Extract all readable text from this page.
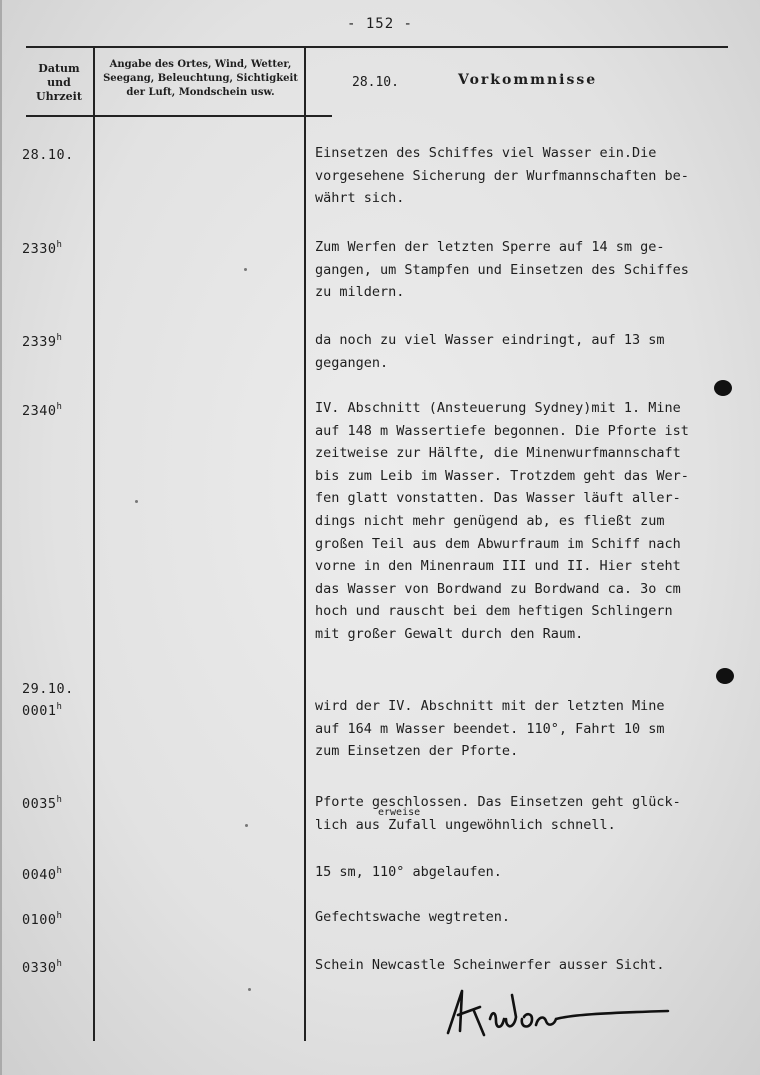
- 152 -
Datum und Uhrzeit
Angabe des Ortes, Wind, Wetter, Seegang, Beleuchtung, Sichtigkeit der Luft, Mondschein usw.
28.10.	Vorkommnisse
28.10.	Einsetzen des Schiffes viel Wasser ein.Die
vorgesehene Sicherung der Wurfmannschaften be-
währt sich.
2330$^h$	Zum Werfen der letzten Sperre auf 14 sm ge-
gangen, um Stampfen und Einsetzen des Schiffes
zu mildern.
2339$^h$	da noch zu viel Wasser eindringt, auf 13 sm
gegangen.
2340$^h$	IV. Abschnitt (Ansteuerung Sydney)mit 1. Mine
auf 148 m Wassertiefe begonnen. Die Pforte ist
zeitweise zur Hälfte, die Minenwurfmannschaft
bis zum Leib im Wasser. Trotzdem geht das Wer-
fen glatt vonstatten. Das Wasser läuft aller-
dings nicht mehr genügend ab, es fließt zum
großen Teil aus dem Abwurfraum im Schiff nach
vorne in den Minenraum III und II. Hier steht
das Wasser von Bordwand zu Bordwand ca. 3o cm
hoch und rauscht bei dem heftigen Schlingern
mit großer Gewalt durch den Raum.
29.10.
0001$^h$	wird der IV. Abschnitt mit der letzten Mine
auf 164 m Wasser beendet. 110°, Fahrt 10 sm
zum Einsetzen der Pforte.
0035$^h$	Pforte geschlossen. Das Einsetzen geht glück-
lich aus Zufall ungewöhnlich schnell.
erweise
0040$^h$	15 sm, 110° abgelaufen.
0100$^h$	Gefechtswache wegtreten.
0330$^h$	Schein Newcastle Scheinwerfer ausser Sicht.
